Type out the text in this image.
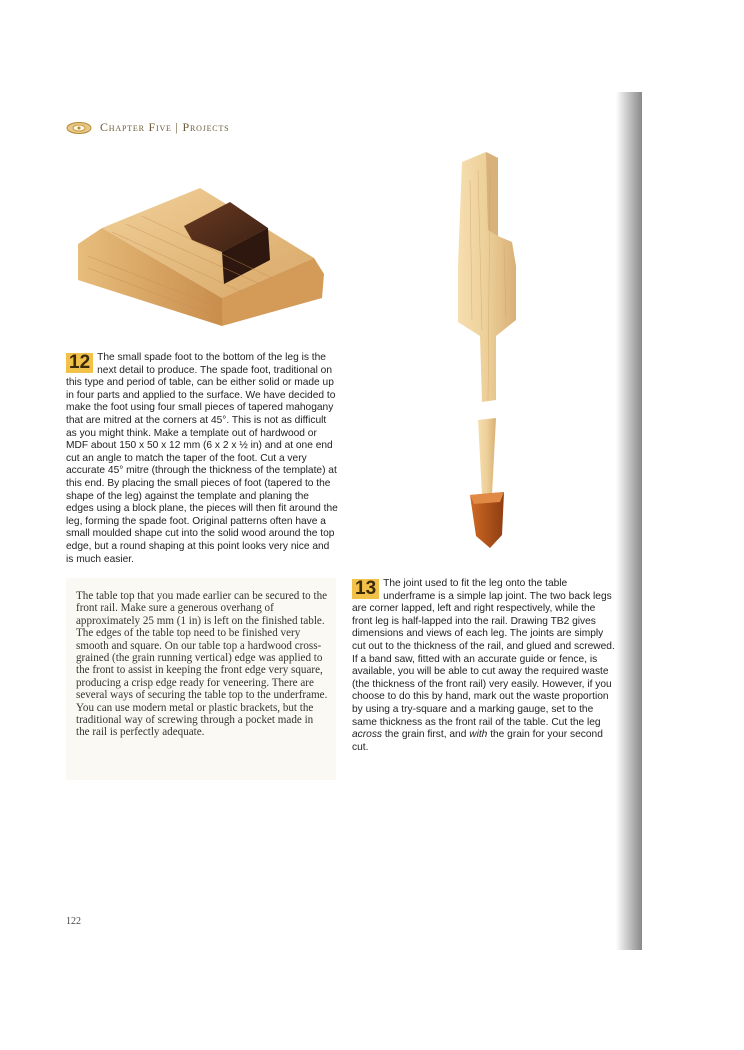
Chapter Five | Projects
12 The small spade foot to the bottom of the leg is the next detail to produce. The spade foot, traditional on this type and period of table, can be either solid or made up in four parts and applied to the surface. We have decided to make the foot using four small pieces of tapered mahogany that are mitred at the corners at 45°. This is not as difficult as you might think. Make a template out of hardwood or MDF about 150 x 50 x 12 mm (6 x 2 x ½ in) and at one end cut an angle to match the taper of the foot. Cut a very accurate 45° mitre (through the thickness of the template) at this end. By placing the small pieces of foot (tapered to the shape of the leg) against the template and planing the edges using a block plane, the pieces will then fit around the leg, forming the spade foot. Original patterns often have a small moulded shape cut into the solid wood around the top edge, but a round shaping at this point looks very nice and is much easier.
The table top that you made earlier can be secured to the front rail. Make sure a generous overhang of approximately 25 mm (1 in) is left on the finished table. The edges of the table top need to be finished very smooth and square. On our table top a hardwood cross-grained (the grain running vertical) edge was applied to the front to assist in keeping the front edge very square, producing a crisp edge ready for veneering. There are several ways of securing the table top to the underframe. You can use modern metal or plastic brackets, but the traditional way of screwing through a pocket made in the rail is perfectly adequate.
13 The joint used to fit the leg onto the table underframe is a simple lap joint. The two back legs are corner lapped, left and right respectively, while the front leg is half-lapped into the rail. Drawing TB2 gives dimensions and views of each leg. The joints are simply cut out to the thickness of the rail, and glued and screwed. If a band saw, fitted with an accurate guide or fence, is available, you will be able to cut away the required waste (the thickness of the front rail) very easily. However, if you choose to do this by hand, mark out the waste proportion by using a try-square and a marking gauge, set to the same thickness as the front rail of the table. Cut the leg across the grain first, and with the grain for your second cut.
122
